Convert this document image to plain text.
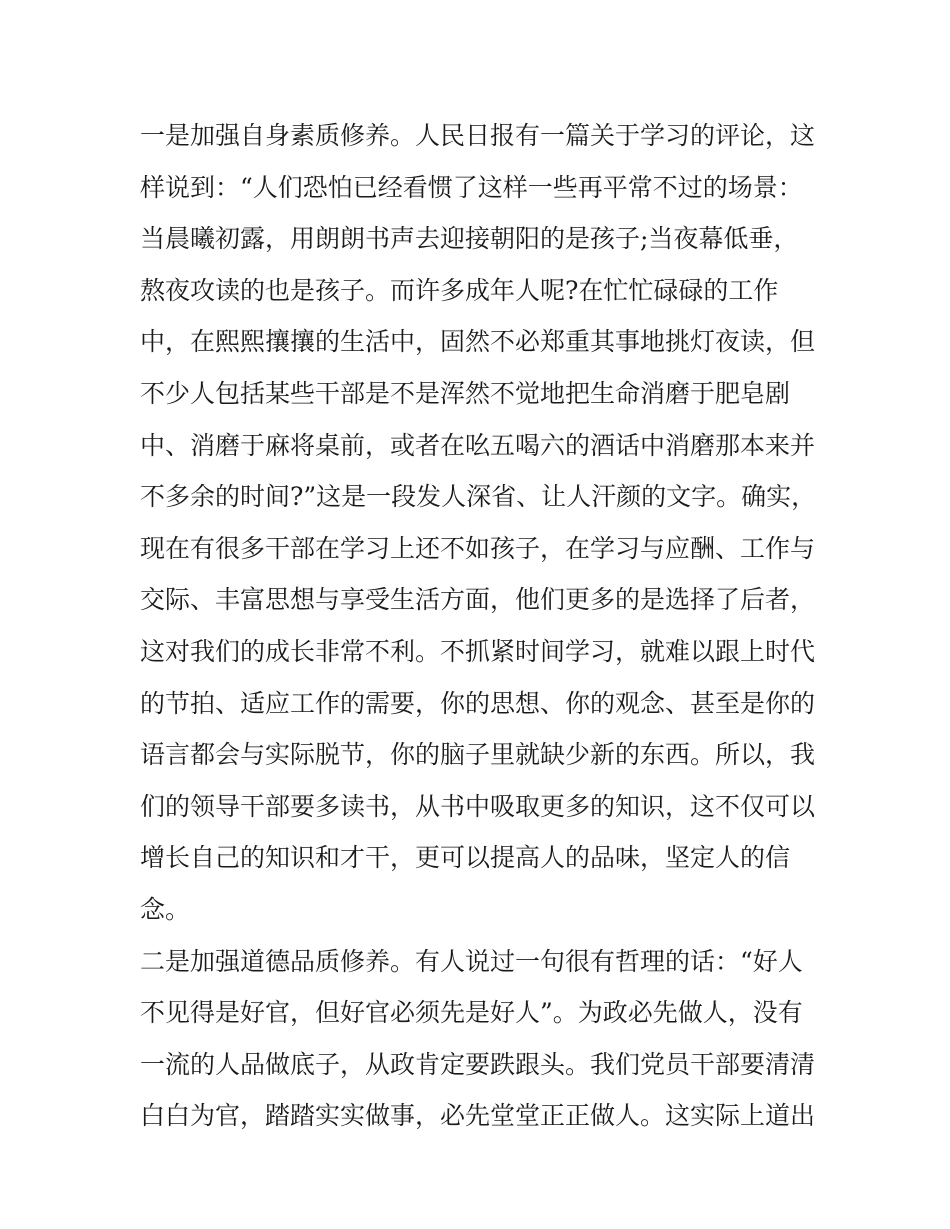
一是加强自身素质修养。人民日报有一篇关于学习的评论，这
样说到：“人们恐怕已经看惯了这样一些再平常不过的场景：
当晨曦初露，用朗朗书声去迎接朝阳的是孩子;当夜幕低垂，
熬夜攻读的也是孩子。而许多成年人呢?在忙忙碌碌的工作
中，在熙熙攘攘的生活中，固然不必郑重其事地挑灯夜读，但
不少人包括某些干部是不是浑然不觉地把生命消磨于肥皂剧
中、消磨于麻将桌前，或者在吆五喝六的酒话中消磨那本来并
不多余的时间?”这是一段发人深省、让人汗颜的文字。确实，
现在有很多干部在学习上还不如孩子，在学习与应酬、工作与
交际、丰富思想与享受生活方面，他们更多的是选择了后者，
这对我们的成长非常不利。不抓紧时间学习，就难以跟上时代
的节拍、适应工作的需要，你的思想、你的观念、甚至是你的
语言都会与实际脱节，你的脑子里就缺少新的东西。所以，我
们的领导干部要多读书，从书中吸取更多的知识，这不仅可以
增长自己的知识和才干，更可以提高人的品味，坚定人的信
念。
二是加强道德品质修养。有人说过一句很有哲理的话：“好人
不见得是好官，但好官必须先是好人”。为政必先做人，没有
一流的人品做底子，从政肯定要跌跟头。我们党员干部要清清
白白为官，踏踏实实做事，必先堂堂正正做人。这实际上道出
